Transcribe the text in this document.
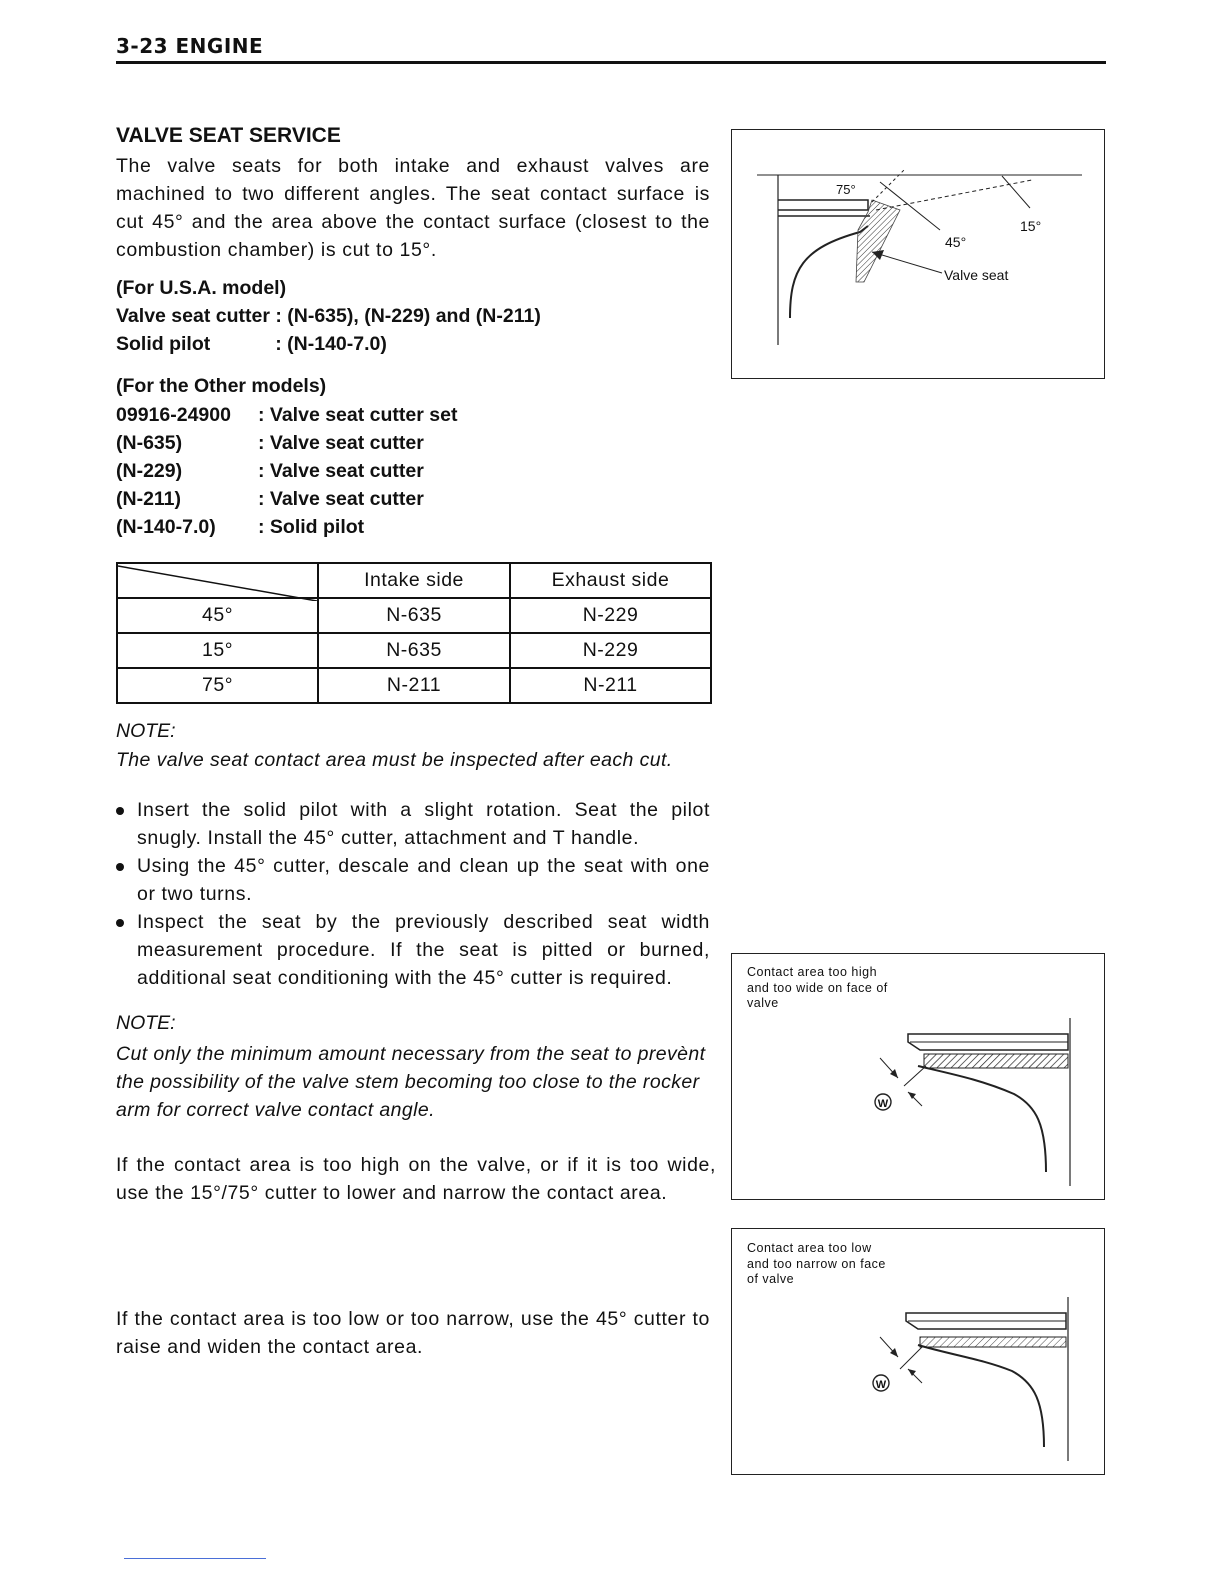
3-23 ENGINE
VALVE SEAT SERVICE
The valve seats for both intake and exhaust valves are machined to two different angles. The seat contact surface is cut 45° and the area above the contact surface (closest to the combustion chamber) is cut to 15°.
(For U.S.A. model)
Valve seat cutter : (N-635), (N-229) and (N-211)
Solid pilot            : (N-140-7.0)
(For the Other models)
09916-24900	: Valve seat cutter set
(N-635)	: Valve seat cutter
(N-229)	: Valve seat cutter
(N-211)	: Valve seat cutter
(N-140-7.0)	: Solid pilot
	Intake side	Exhaust side
45°	N-635	N-229
15°	N-635	N-229
75°	N-211	N-211
NOTE:
The valve seat contact area must be inspected after each cut.
Insert the solid pilot with a slight rotation. Seat the pilot snugly. Install the 45° cutter, attachment and T handle.
Using the 45° cutter, descale and clean up the seat with one or two turns.
Inspect the seat by the previously described seat width measurement procedure. If the seat is pitted or burned, additional seat conditioning with the 45° cutter is required.
NOTE:
Cut only the minimum amount necessary from the seat to prevènt the possibility of the valve stem becoming too close to the rocker arm for correct valve contact angle.
If the contact area is too high on the valve, or if it is too wide, use the 15°/75° cutter to lower and narrow the contact area.
If the contact area is too low or too narrow, use the 45° cutter to raise and widen the contact area.
75°
15°
45°
Valve seat
Contact area too high
and too wide on face of
valve
W
Contact area too low
and too narrow on face
of valve
W
